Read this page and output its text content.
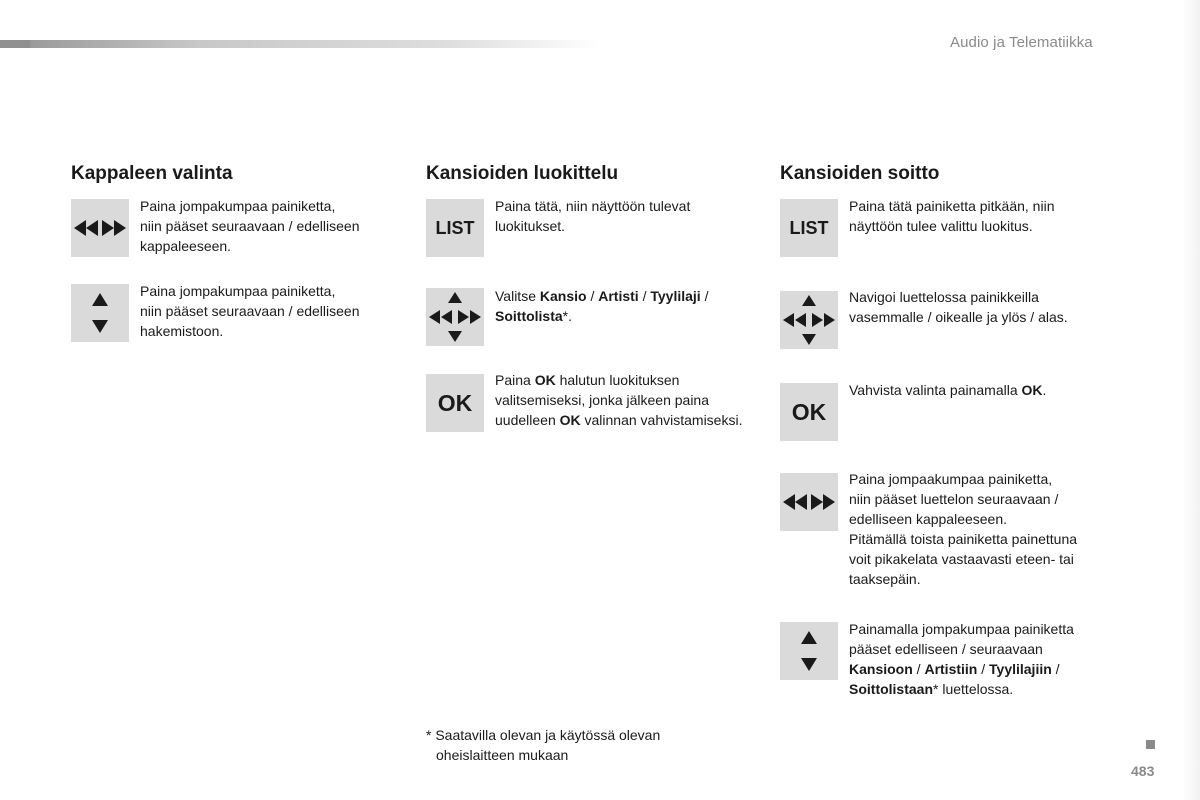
Audio ja Telematiikka
Kappaleen valinta
Paina jompakumpaa painiketta,
niin pääset seuraavaan / edelliseen
kappaleeseen.
Paina jompakumpaa painiketta,
niin pääset seuraavaan / edelliseen
hakemistoon.
Kansioiden luokittelu
LIST
Paina tätä, niin näyttöön tulevat
luokitukset.
Valitse Kansio / Artisti / Tyylilaji /
Soittolista*.
OK
Paina OK halutun luokituksen
valitsemiseksi, jonka jälkeen paina
uudelleen OK valinnan vahvistamiseksi.
* Saatavilla olevan ja käytössä olevan
oheislaitteen mukaan
Kansioiden soitto
LIST
Paina tätä painiketta pitkään, niin
näyttöön tulee valittu luokitus.
Navigoi luettelossa painikkeilla
vasemmalle / oikealle ja ylös / alas.
OK
Vahvista valinta painamalla OK.
Paina jompaakumpaa painiketta,
niin pääset luettelon seuraavaan /
edelliseen kappaleeseen.
Pitämällä toista painiketta painettuna
voit pikakelata vastaavasti eteen- tai
taaksepäin.
Painamalla jompakumpaa painiketta
pääset edelliseen / seuraavaan
Kansioon / Artistiin / Tyylilajiin /
Soittolistaan* luettelossa.
483
